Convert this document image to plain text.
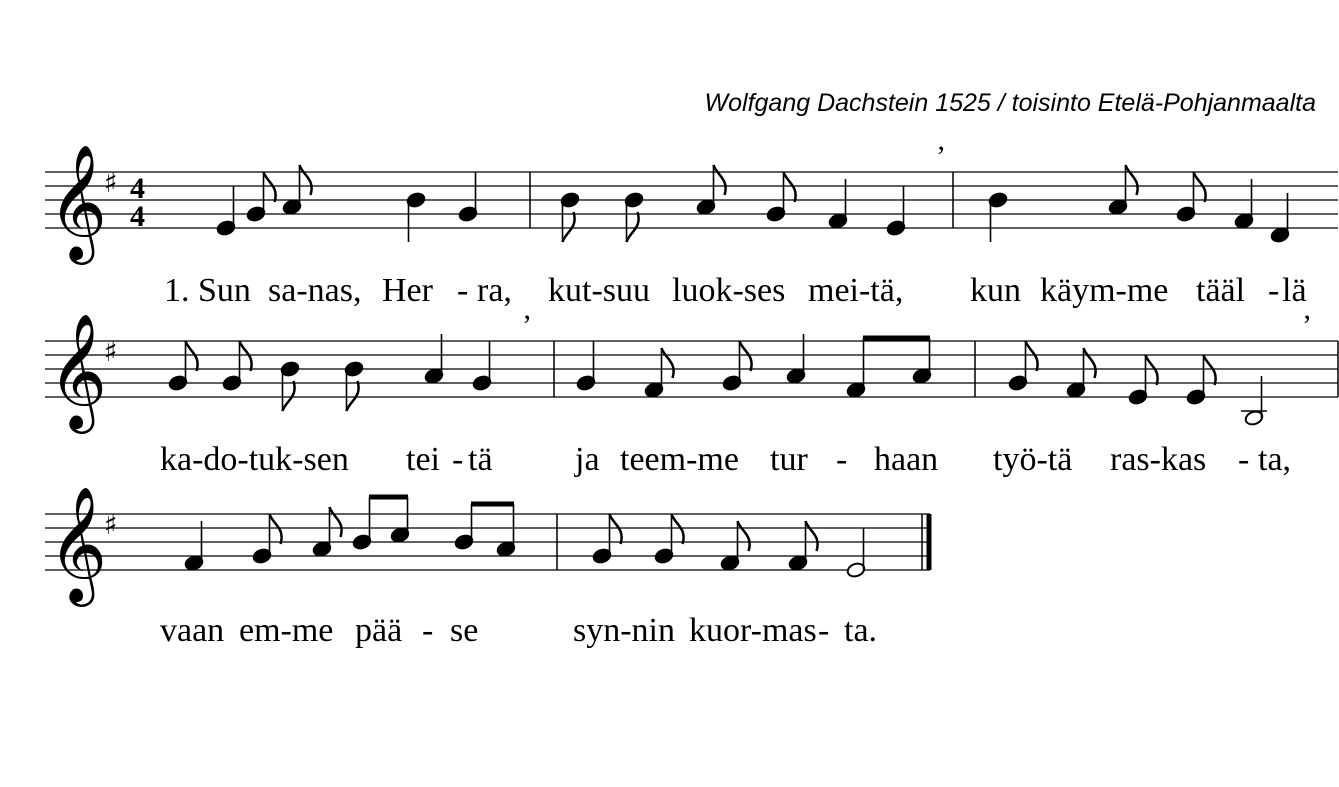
Wolfgang Dachstein 1525 / toisinto Etelä-Pohjanmaalta
𝄞
♯ 4
4
𝄞
♯
𝄞
♯
’
’	’
1. Sun sa-nas, Her - ra, kut-suu luok-ses mei-tä, kun käym-me tääl - lä
ka-do-tuk-sen tei - tä ja teem-me tur - haan työ-tä ras-kas - ta,
vaan em-me pää - se	syn-nin kuor-mas - ta.
